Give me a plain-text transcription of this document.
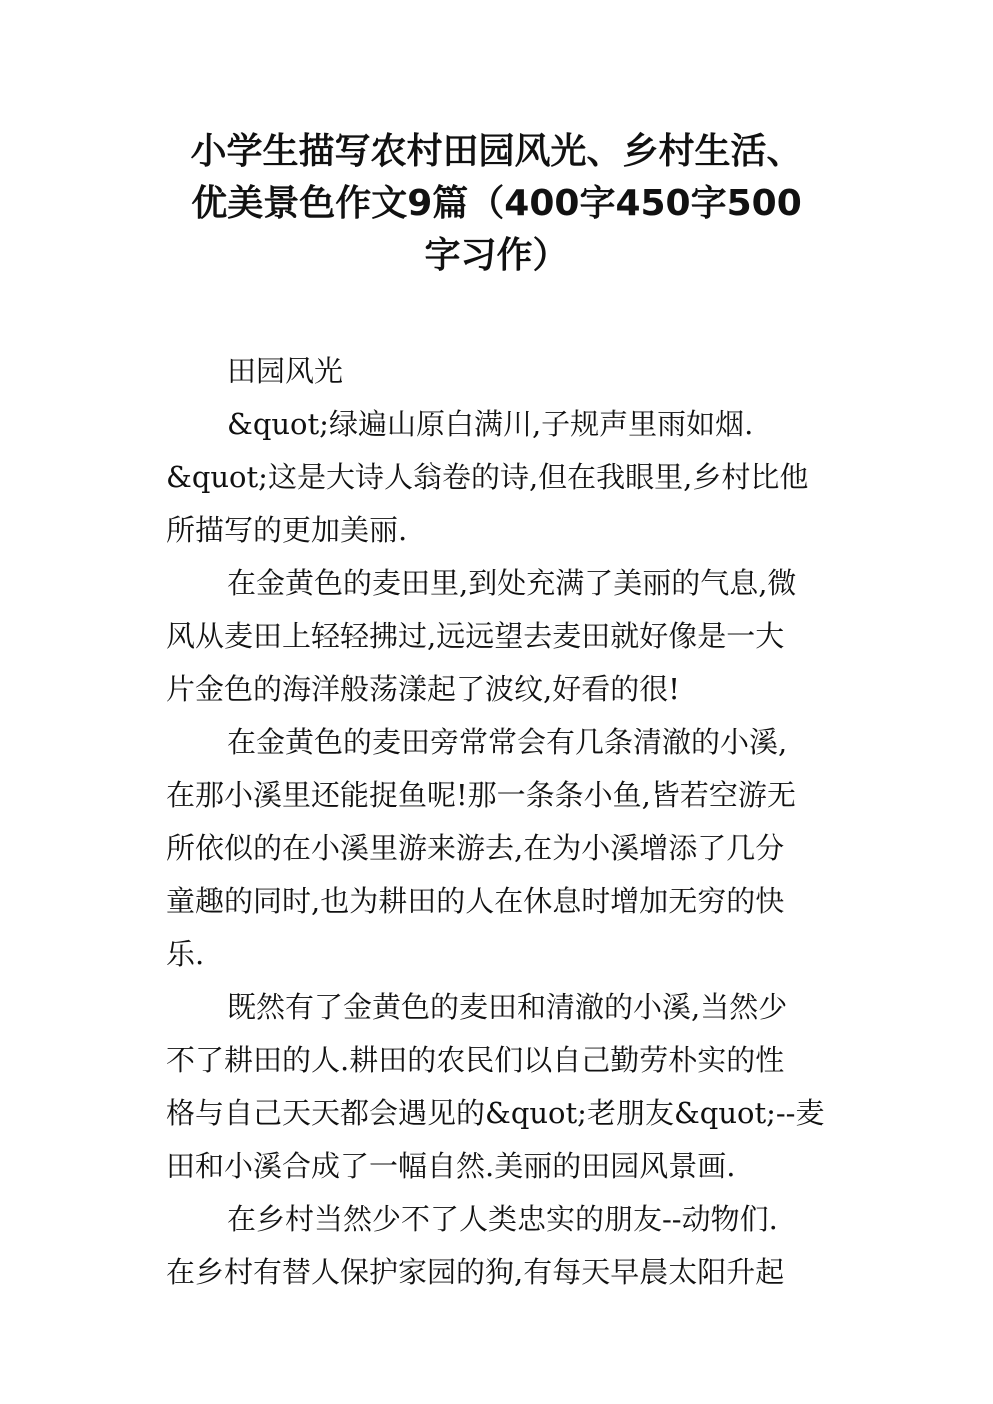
小学生描写农村田园风光、乡村生活、
优美景色作文9篇（400字450字500
字习作）
田园风光
&quot;绿遍山原白满川,子规声里雨如烟.
&quot;这是大诗人翁卷的诗,但在我眼里,乡村比他
所描写的更加美丽.
在金黄色的麦田里,到处充满了美丽的气息,微
风从麦田上轻轻拂过,远远望去麦田就好像是一大
片金色的海洋般荡漾起了波纹,好看的很!
在金黄色的麦田旁常常会有几条清澈的小溪,
在那小溪里还能捉鱼呢!那一条条小鱼,皆若空游无
所依似的在小溪里游来游去,在为小溪增添了几分
童趣的同时,也为耕田的人在休息时增加无穷的快
乐.
既然有了金黄色的麦田和清澈的小溪,当然少
不了耕田的人.耕田的农民们以自己勤劳朴实的性
格与自己天天都会遇见的&quot;老朋友&quot;--麦
田和小溪合成了一幅自然.美丽的田园风景画.
在乡村当然少不了人类忠实的朋友--动物们.
在乡村有替人保护家园的狗,有每天早晨太阳升起
